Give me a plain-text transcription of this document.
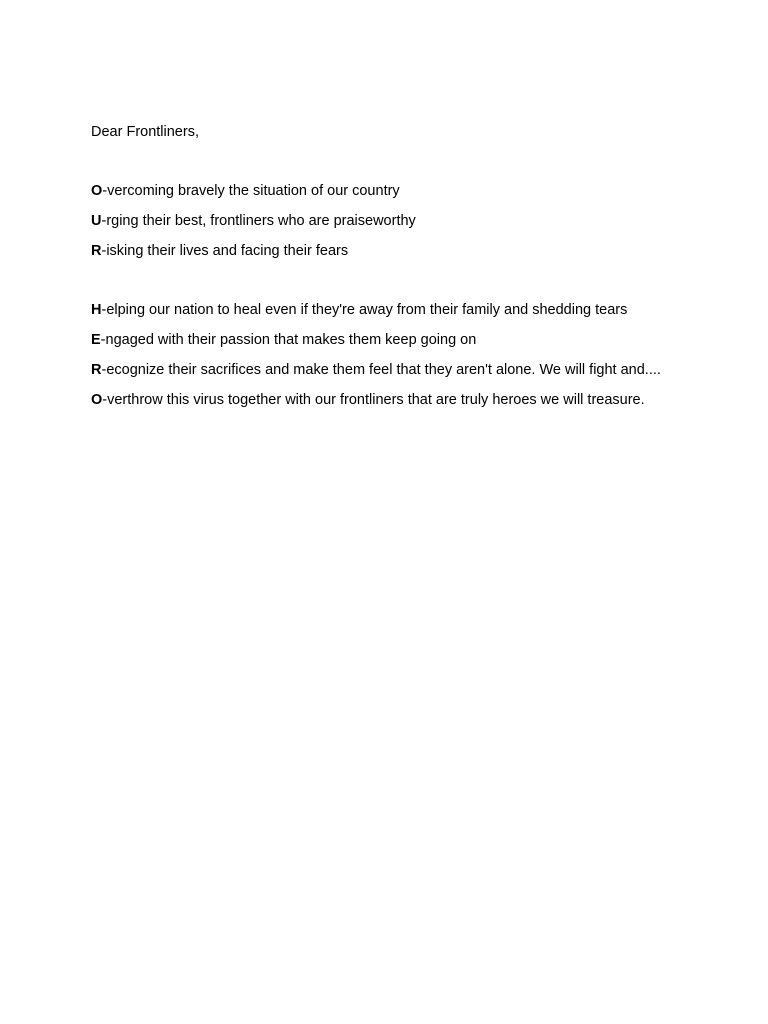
Dear Frontliners,

O-vercoming bravely the situation of our country

U-rging their best, frontliners who are praiseworthy

R-isking their lives and facing their fears

H-elping our nation to heal even if they're away from their family and shedding tears

E-ngaged with their passion that makes them keep going on

R-ecognize their sacrifices and make them feel that they aren't alone. We will fight and....

O-verthrow this virus together with our frontliners that are truly heroes we will treasure.
